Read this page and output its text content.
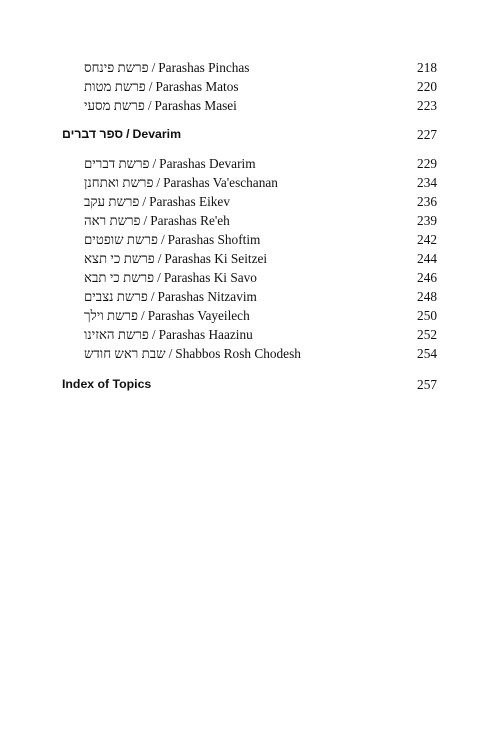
פרשת פינחס / Parashas Pinchas	218
פרשת מטות / Parashas Matos	220
פרשת מסעי / Parashas Masei	223
ספר דברים / Devarim	227
פרשת דברים / Parashas Devarim	229
פרשת ואתחנן / Parashas Va'eschanan	234
פרשת עקב / Parashas Eikev	236
פרשת ראה / Parashas Re'eh	239
פרשת שופטים / Parashas Shoftim	242
פרשת כי תצא / Parashas Ki Seitzei	244
פרשת כי תבא / Parashas Ki Savo	246
פרשת נצבים / Parashas Nitzavim	248
פרשת וילך / Parashas Vayeilech	250
פרשת האזינו / Parashas Haazinu	252
שבת ראש חודש / Shabbos Rosh Chodesh	254
Index of Topics	257
